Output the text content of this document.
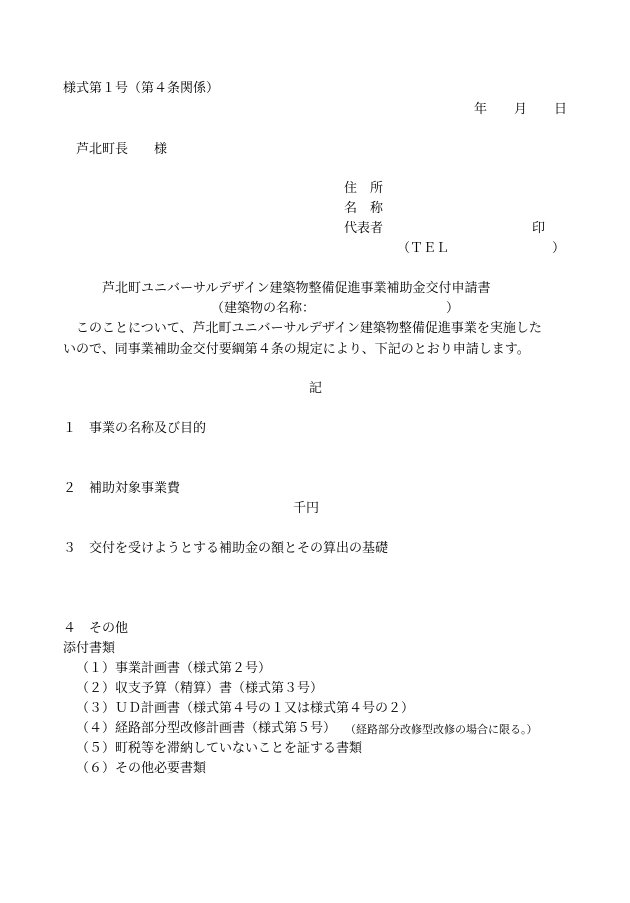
様式第１号（第４条関係）
年 月 日
芦北町長　　様
住　所
名　称
代表者	印
（ＴＥＬ	）
芦北町ユニバーサルデザイン建築物整備促進事業補助金交付申請書
（建築物の名称：	）
このことについて、芦北町ユニバーサルデザイン建築物整備促進事業を実施した
いので、同事業補助金交付要綱第４条の規定により、下記のとおり申請します。
記
１　事業の名称及び目的
２　補助対象事業費
千円
３　交付を受けようとする補助金の額とその算出の基礎
４　その他
添付書類
（１）事業計画書（様式第２号）
（２）収支予算（精算）書（様式第３号）
（３）ＵＤ計画書（様式第４号の１又は様式第４号の２）
（４）経路部分型改修計画書（様式第５号） （経路部分改修型改修の場合に限る。）
（５）町税等を滞納していないことを証する書類
（６）その他必要書類
